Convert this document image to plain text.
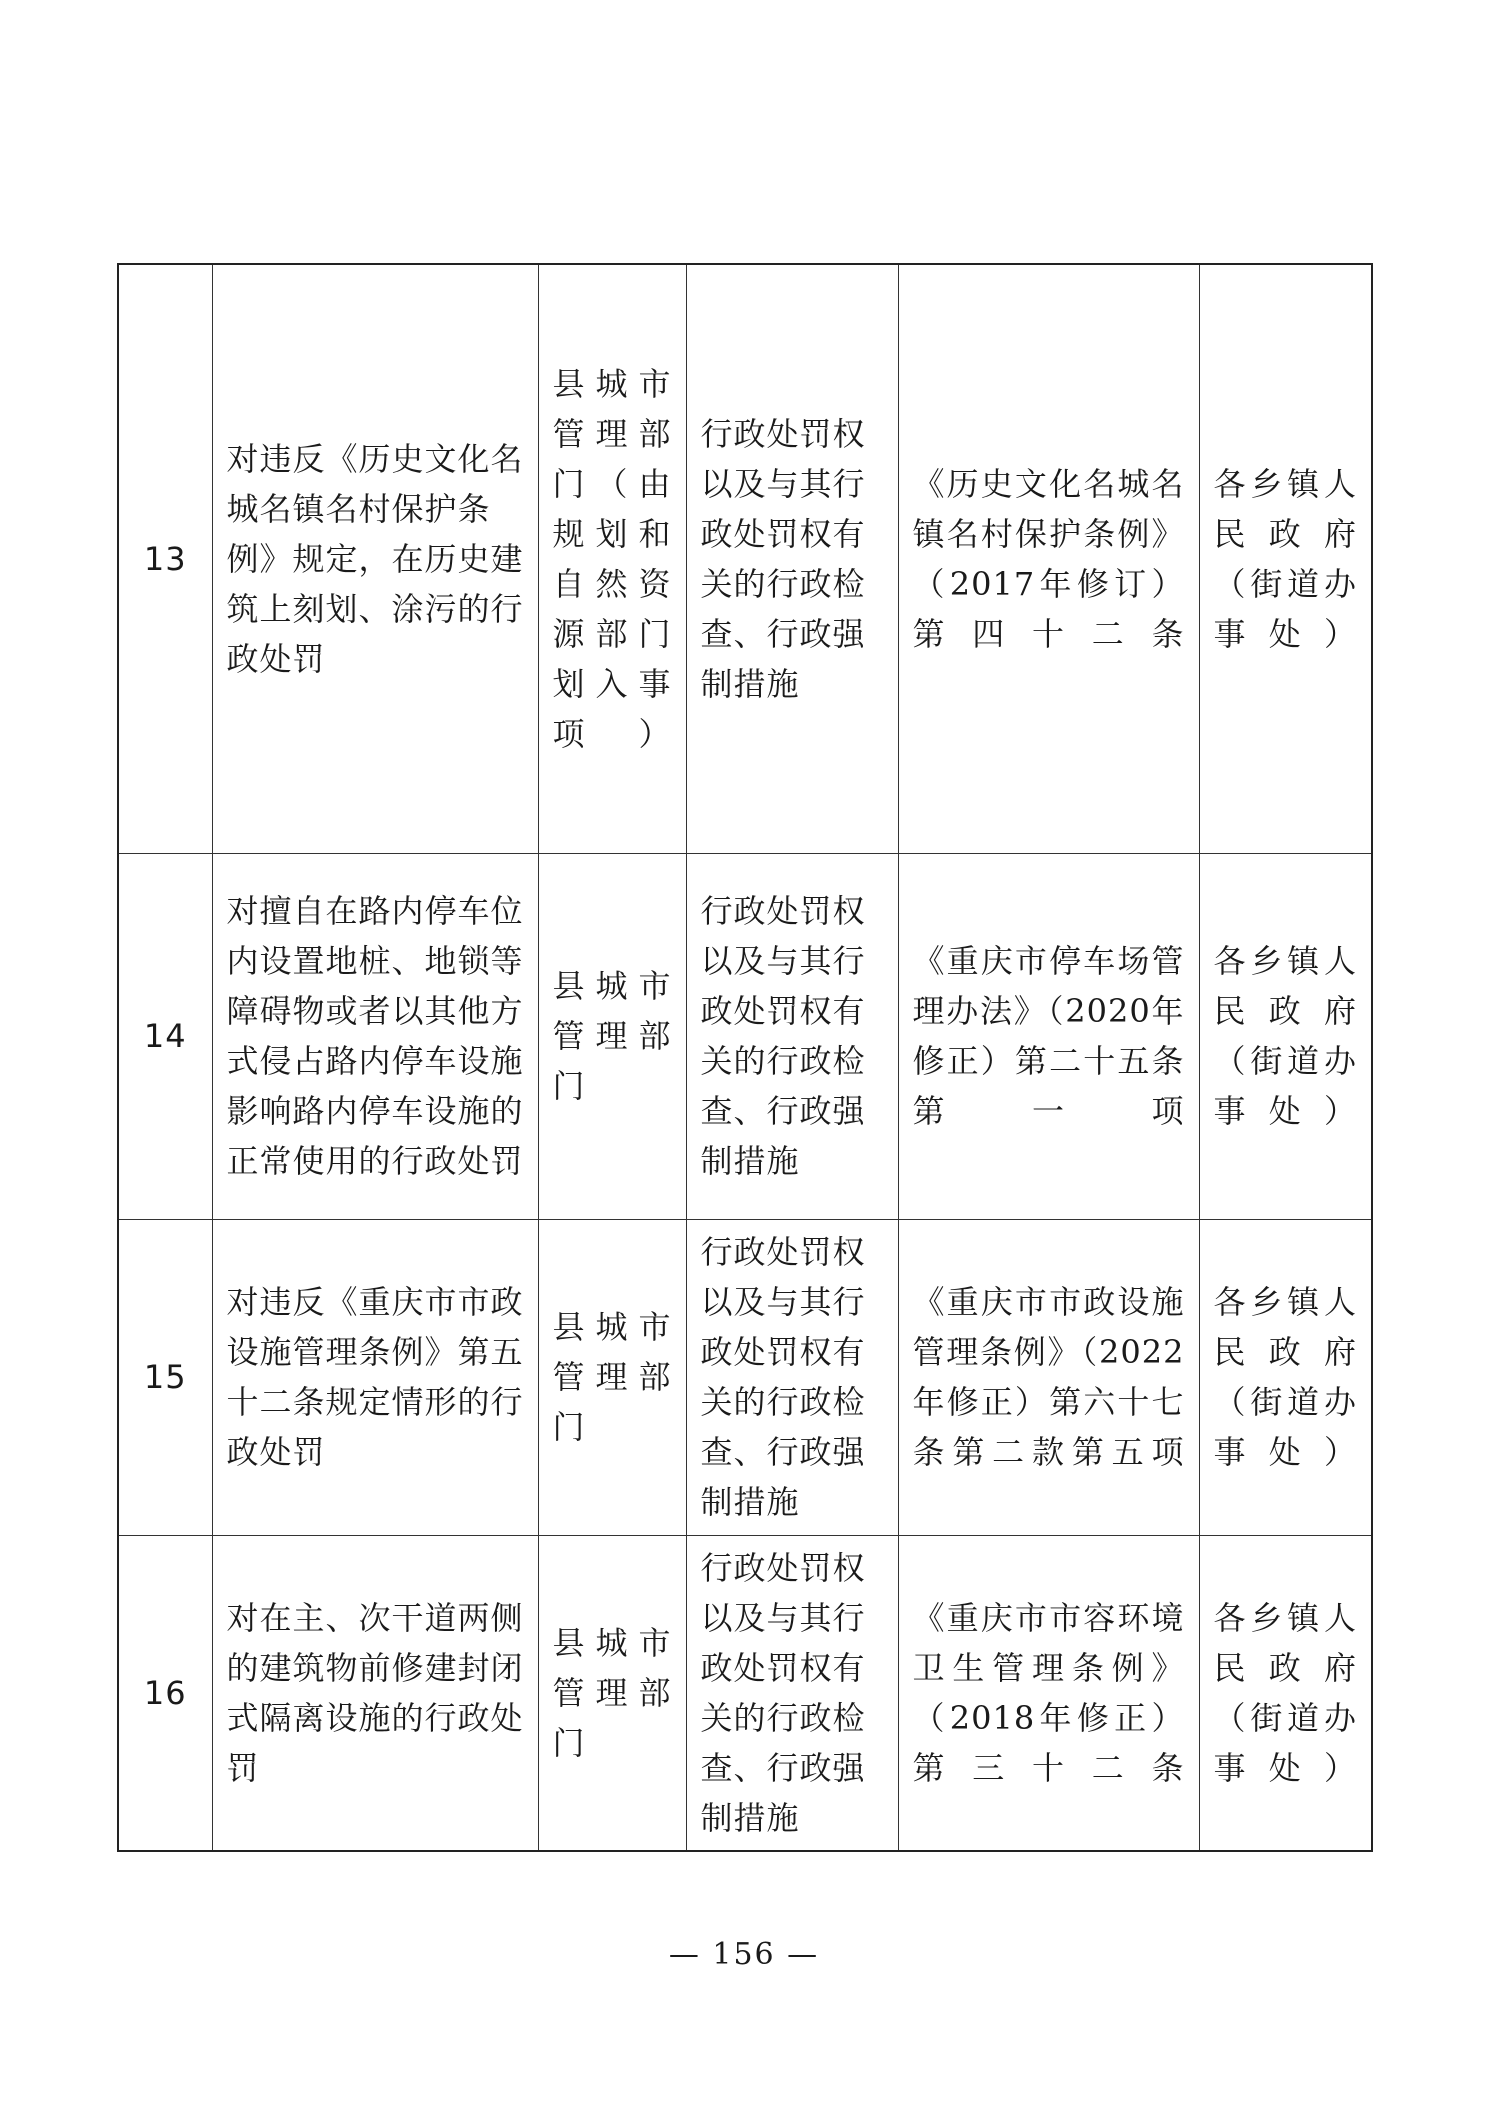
13	对违反《历史文化名城名镇名村保护条例》规定，在历史建筑上刻划、涂污的行政处罚	县城市管理部门（由规划和自然资源部门划入事项）	行政处罚权以及与其行政处罚权有关的行政检查、行政强制措施	《历史文化名城名镇名村保护条例》（2017年修订）第四十二条	各乡镇人民政府（街道办事处）
14	对擅自在路内停车位内设置地桩、地锁等障碍物或者以其他方式侵占路内停车设施影响路内停车设施的正常使用的行政处罚	县城市管理部门	行政处罚权以及与其行政处罚权有关的行政检查、行政强制措施	《重庆市停车场管理办法》（2020年修正）第二十五条第一项	各乡镇人民政府（街道办事处）
15	对违反《重庆市市政设施管理条例》第五十二条规定情形的行政处罚	县城市管理部门	行政处罚权以及与其行政处罚权有关的行政检查、行政强制措施	《重庆市市政设施管理条例》（2022年修正）第六十七条第二款第五项	各乡镇人民政府（街道办事处）
16	对在主、次干道两侧的建筑物前修建封闭式隔离设施的行政处罚	县城市管理部门	行政处罚权以及与其行政处罚权有关的行政检查、行政强制措施	《重庆市市容环境卫生管理条例》（2018年修正）第三十二条	各乡镇人民政府（街道办事处）
— 156 —
